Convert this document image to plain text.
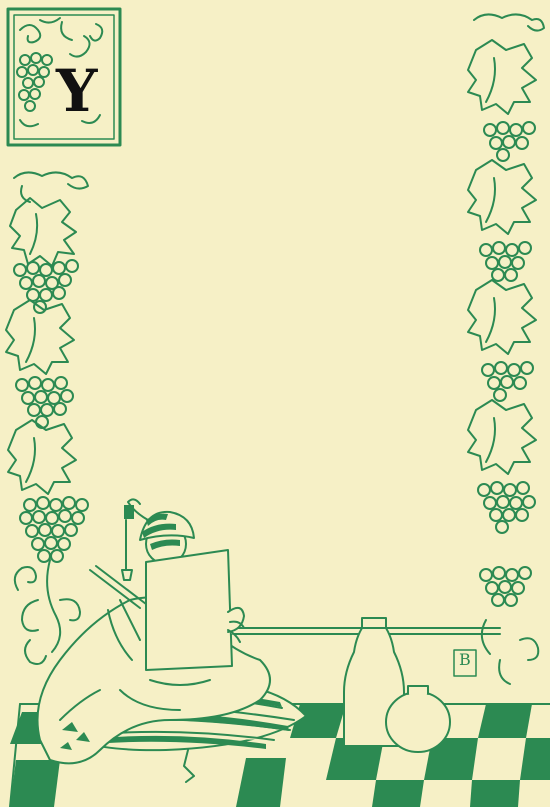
Y
B
